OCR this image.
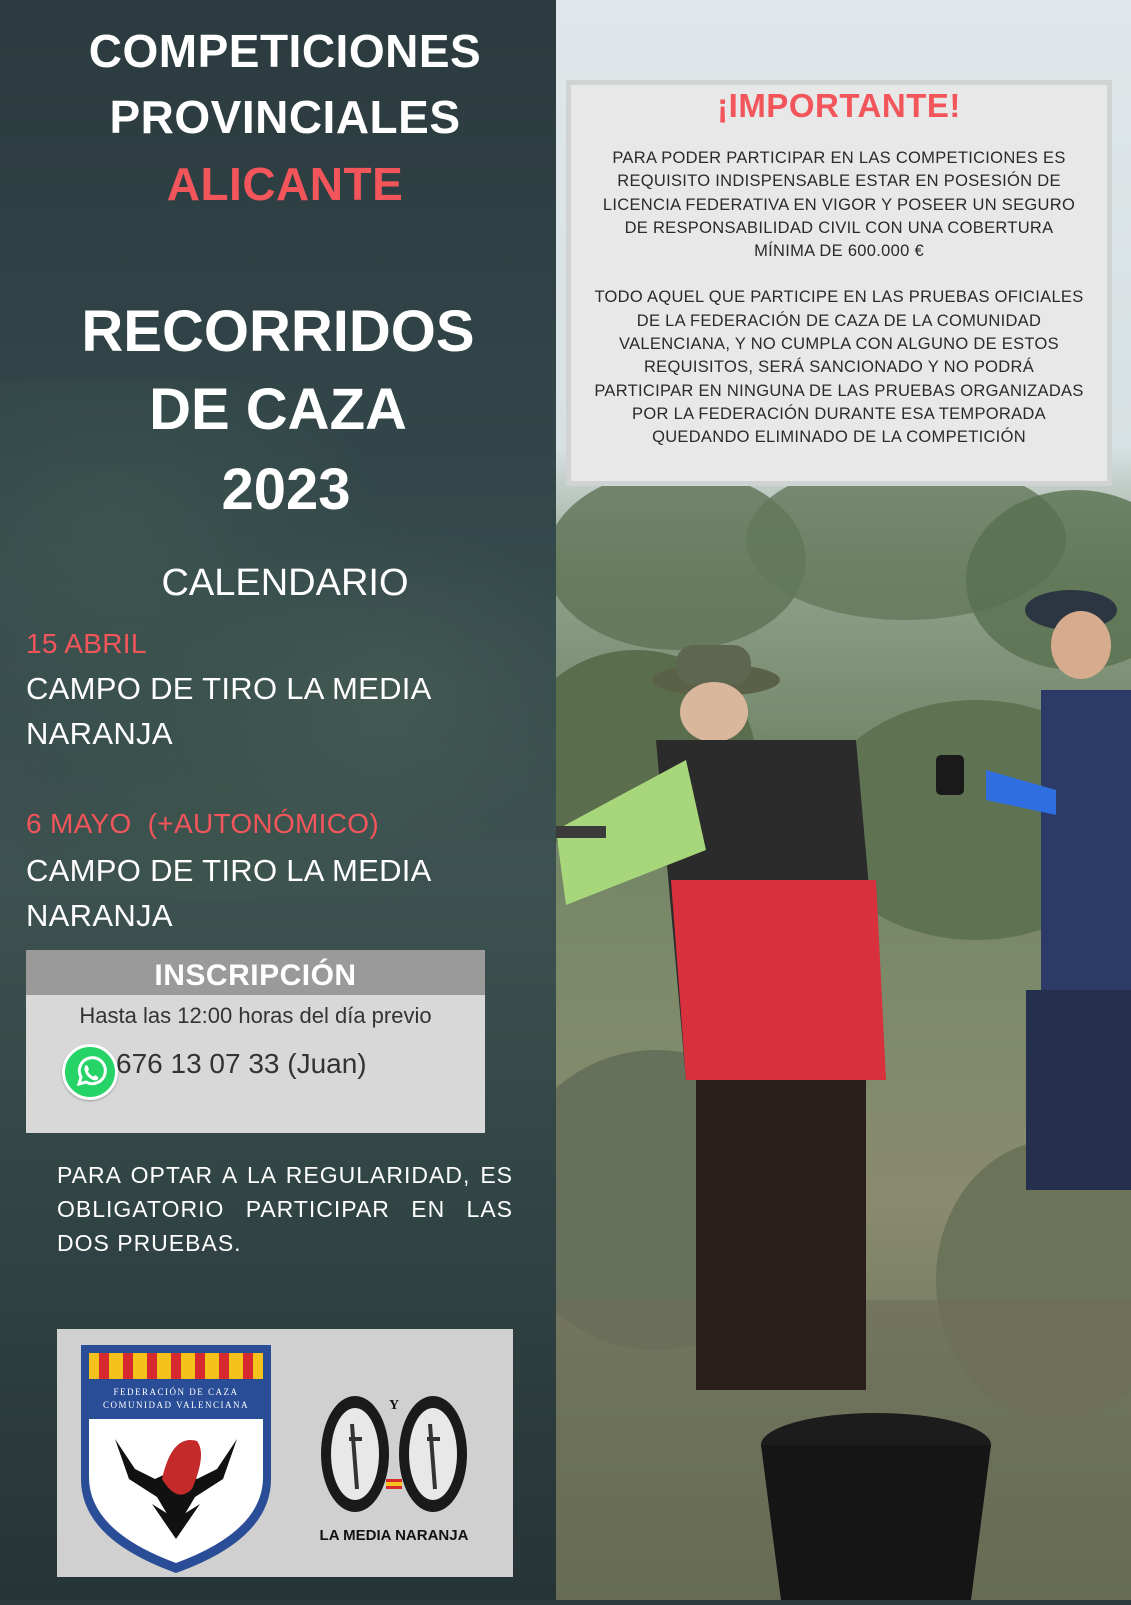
COMPETICIONES
PROVINCIALES
ALICANTE
RECORRIDOS
DE CAZA
2023
CALENDARIO
15 ABRIL
CAMPO DE TIRO LA MEDIA NARANJA
6 MAYO  (+AUTONÓMICO)
CAMPO DE TIRO LA MEDIA NARANJA
INSCRIPCIÓN
Hasta las 12:00 horas del día previo
676 13 07 33 (Juan)
PARA OPTAR A LA REGULARIDAD, ES OBLIGATORIO PARTICIPAR EN LAS DOS PRUEBAS.
FEDERACIÓN DE CAZA
COMUNIDAD VALENCIANA	Y
LA MEDIA NARANJA
¡IMPORTANTE!
PARA PODER PARTICIPAR EN LAS COMPETICIONES ES REQUISITO INDISPENSABLE ESTAR EN POSESIÓN DE LICENCIA FEDERATIVA EN VIGOR Y POSEER UN SEGURO DE RESPONSABILIDAD CIVIL CON UNA COBERTURA MÍNIMA DE 600.000 €
TODO AQUEL QUE PARTICIPE EN LAS PRUEBAS OFICIALES DE LA FEDERACIÓN DE CAZA DE LA COMUNIDAD VALENCIANA, Y NO CUMPLA CON ALGUNO DE ESTOS REQUISITOS, SERÁ SANCIONADO Y NO PODRÁ PARTICIPAR EN NINGUNA DE LAS PRUEBAS ORGANIZADAS POR LA FEDERACIÓN DURANTE ESA TEMPORADA QUEDANDO ELIMINADO DE LA COMPETICIÓN
